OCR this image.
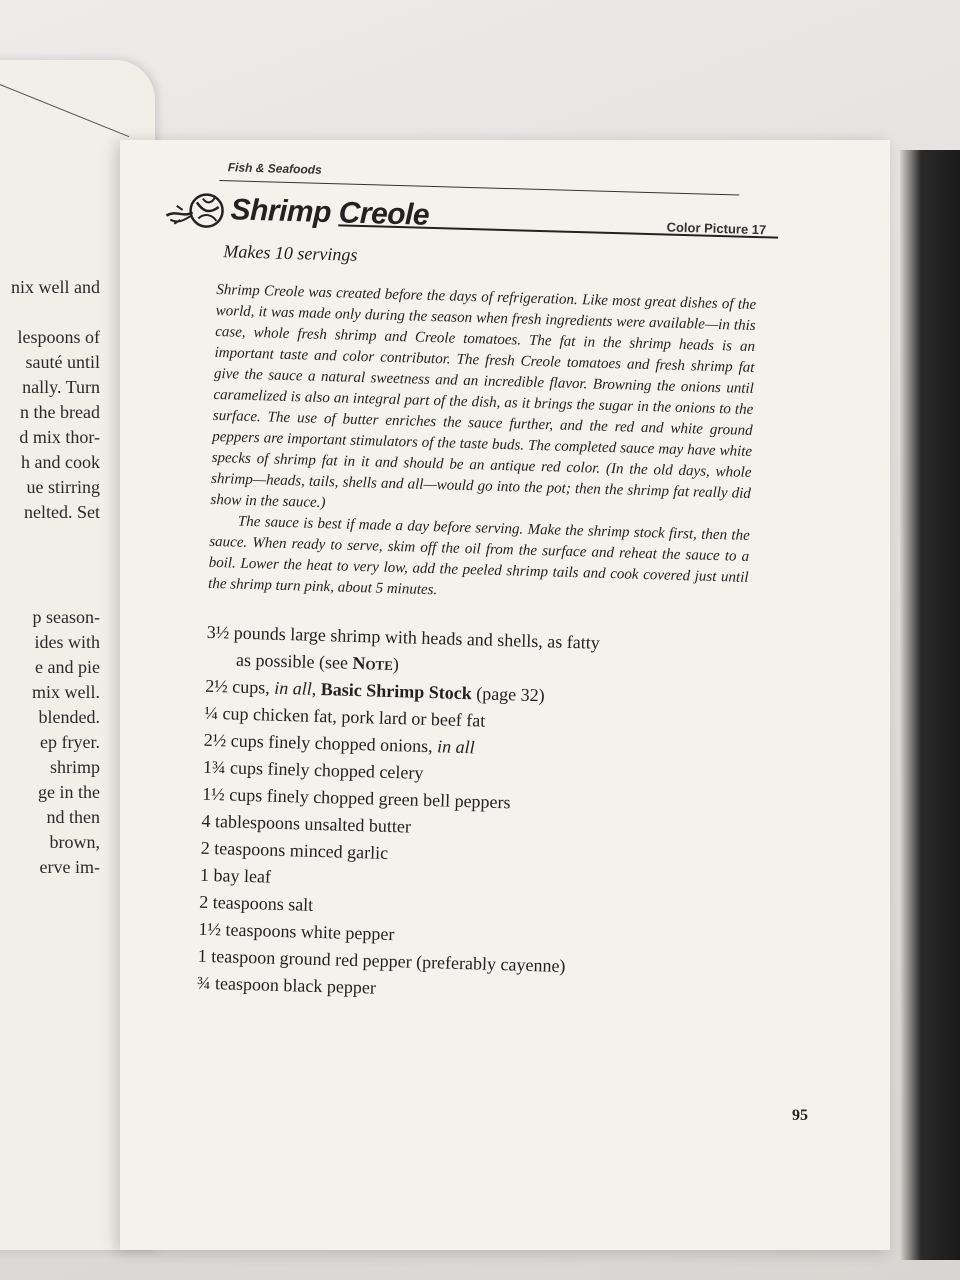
nix well and

lespoons of
sauté until
nally. Turn
n the bread
d mix thor-
h and cook
ue stirring
nelted. Set
p season-
ides with
e and pie
mix well.
blended.
ep fryer.
shrimp
ge in the
nd then
brown,
erve im-
Fish & Seafoods
Shrimp Creole	Color Picture 17
Makes 10 servings

Shrimp Creole was created before the days of refrigeration. Like most great dishes of the world, it was made only during the season when fresh ingredients were available—in this case, whole fresh shrimp and Creole tomatoes. The fat in the shrimp heads is an important taste and color contributor. The fresh Creole tomatoes and fresh shrimp fat give the sauce a natural sweetness and an incredible flavor. Browning the onions until caramelized is also an integral part of the dish, as it brings the sugar in the onions to the surface. The use of butter enriches the sauce further, and the red and white ground peppers are important stimulators of the taste buds. The completed sauce may have white specks of shrimp fat in it and should be an antique red color. (In the old days, whole shrimp—heads, tails, shells and all—would go into the pot; then the shrimp fat really did show in the sauce.)

The sauce is best if made a day before serving. Make the shrimp stock first, then the sauce. When ready to serve, skim off the oil from the surface and reheat the sauce to a boil. Lower the heat to very low, add the peeled shrimp tails and cook covered just until the shrimp turn pink, about 5 minutes.

3½ pounds large shrimp with heads and shells, as fatty
as possible (see Note)
2½ cups, in all, Basic Shrimp Stock (page 32)
¼ cup chicken fat, pork lard or beef fat
2½ cups finely chopped onions, in all
1¾ cups finely chopped celery
1½ cups finely chopped green bell peppers
4 tablespoons unsalted butter
2 teaspoons minced garlic
1 bay leaf
2 teaspoons salt
1½ teaspoons white pepper
1 teaspoon ground red pepper (preferably cayenne)
¾ teaspoon black pepper
95
